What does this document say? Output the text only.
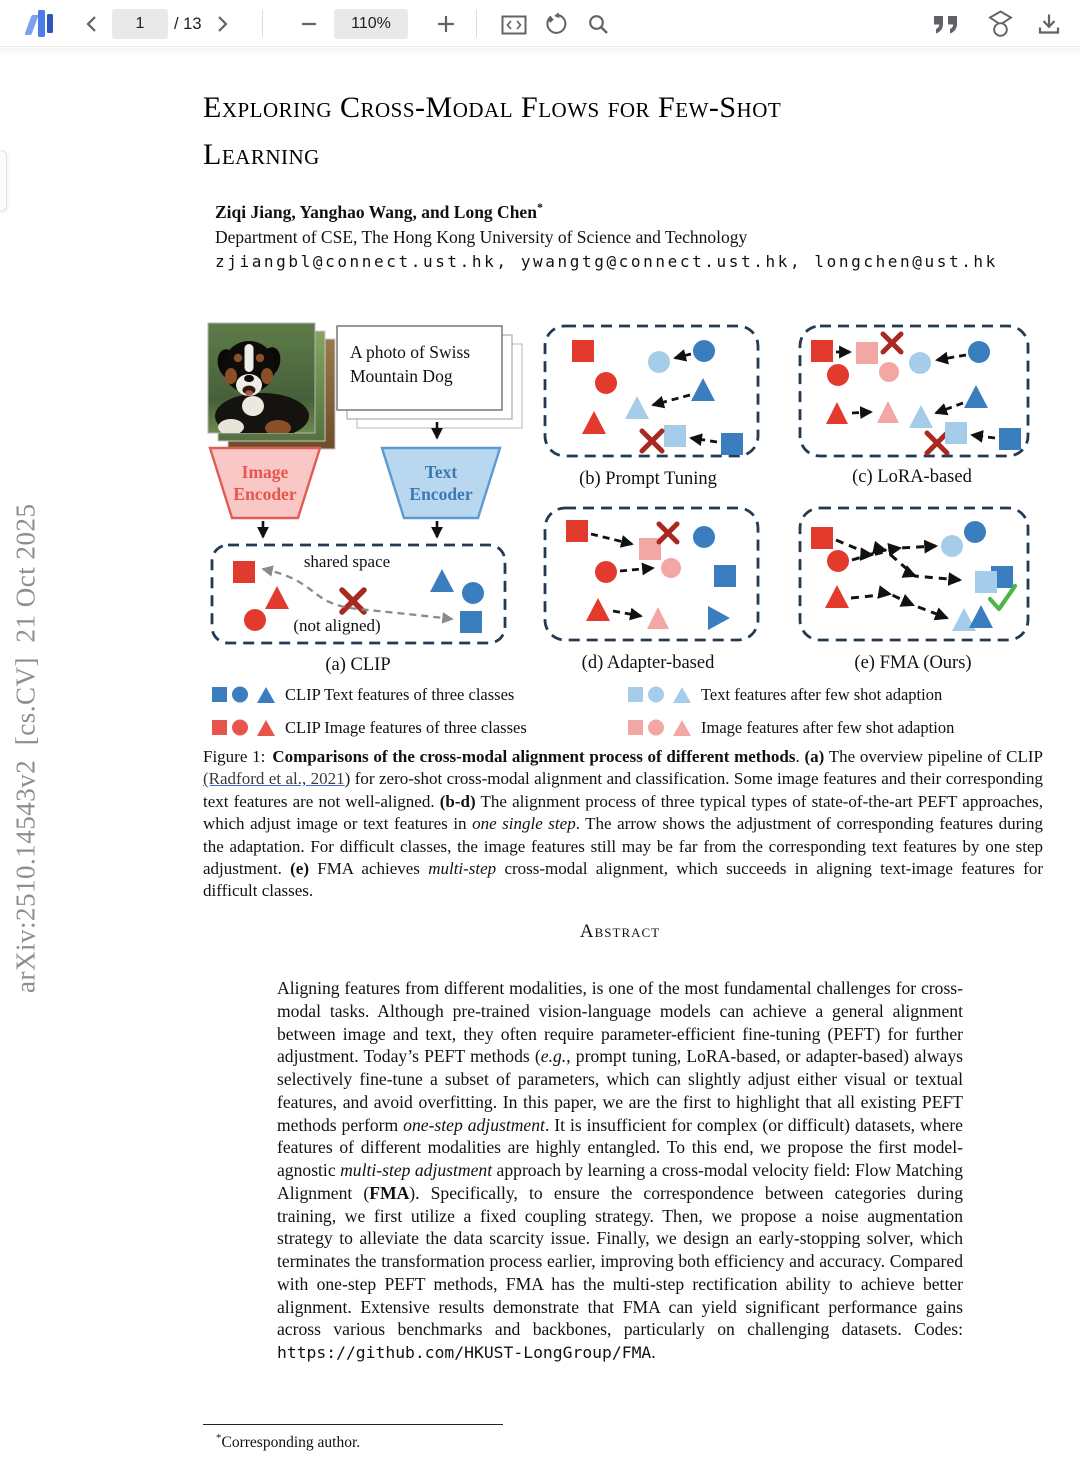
1 / 13	110%
arXiv:2510.14543v2  [cs.CV]  21 Oct 2025
Exploring Cross-Modal Flows for Few-Shot
Learning
Ziqi Jiang, Yanghao Wang, and Long Chen*
Department of CSE, The Hong Kong University of Science and Technology
zjiangbl@connect.ust.hk, ywangtg@connect.ust.hk, longchen@ust.hk
A photo of Swiss
Mountain Dog
Image
Encoder
Text
Encoder
shared space
(not aligned)
(a) CLIP
(b) Prompt Tuning	(c) LoRA-based
(d) Adapter-based	(e) FMA (Ours)
CLIP Text features of three classes
CLIP Image features of three classes
Text features after few shot adaption
Image features after few shot adaption
Figure 1: Comparisons of the cross-modal alignment process of different methods. (a) The overview pipeline of CLIP (Radford et al., 2021) for zero-shot cross-modal alignment and classification. Some image features and their corresponding text features are not well-aligned. (b-d) The alignment process of three typical types of state-of-the-art PEFT approaches, which adjust image or text features in one single step. The arrow shows the adjustment of corresponding features during the adaptation. For difficult classes, the image features still may be far from the corresponding text features by one step adjustment. (e) FMA achieves multi-step cross-modal alignment, which succeeds in aligning text-image features for difficult classes.
Abstract
Aligning features from different modalities, is one of the most fundamental challenges for cross-modal tasks. Although pre-trained vision-language models can achieve a general alignment between image and text, they often require parameter-efficient fine-tuning (PEFT) for further adjustment. Today’s PEFT methods (e.g., prompt tuning, LoRA-based, or adapter-based) always selectively fine-tune a subset of parameters, which can slightly adjust either visual or textual features, and avoid overfitting. In this paper, we are the first to highlight that all existing PEFT methods perform one-step adjustment. It is insufficient for complex (or difficult) datasets, where features of different modalities are highly entangled. To this end, we propose the first model-agnostic multi-step adjustment approach by learning a cross-modal velocity field: Flow Matching Alignment (FMA). Specifically, to ensure the correspondence between categories during training, we first utilize a fixed coupling strategy. Then, we propose a noise augmentation strategy to alleviate the data scarcity issue. Finally, we design an early-stopping solver, which terminates the transformation process earlier, improving both efficiency and accuracy. Compared with one-step PEFT methods, FMA has the multi-step rectification ability to achieve better alignment. Extensive results demonstrate that FMA can yield significant performance gains across various benchmarks and backbones, particularly on challenging datasets. Codes: https://github.com/HKUST-LongGroup/FMA.
*Corresponding author.
